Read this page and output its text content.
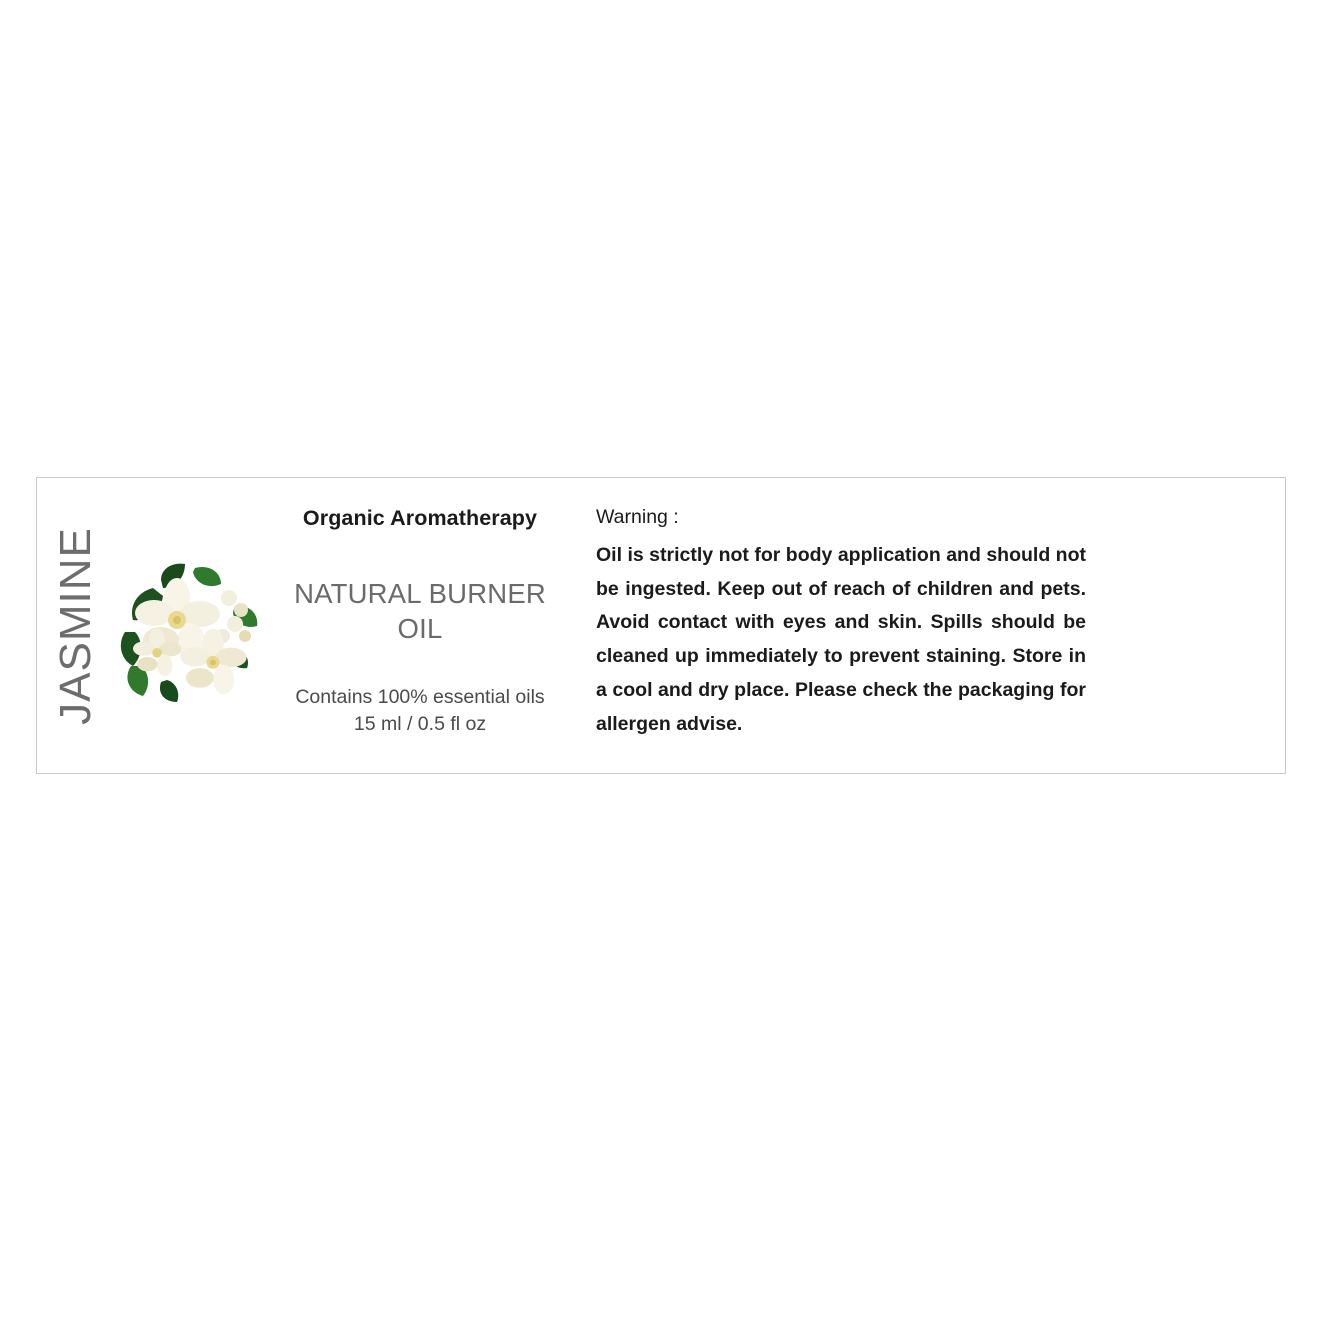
JASMINE
Organic Aromatherapy
NATURAL BURNER OIL
Contains 100% essential oils
15 ml / 0.5 fl oz
Warning :
Oil is strictly not for body application and should not be ingested. Keep out of reach of children and pets. Avoid contact with eyes and skin. Spills should be cleaned up immediately to prevent staining. Store in a cool and dry place. Please check the packaging for allergen advise.
